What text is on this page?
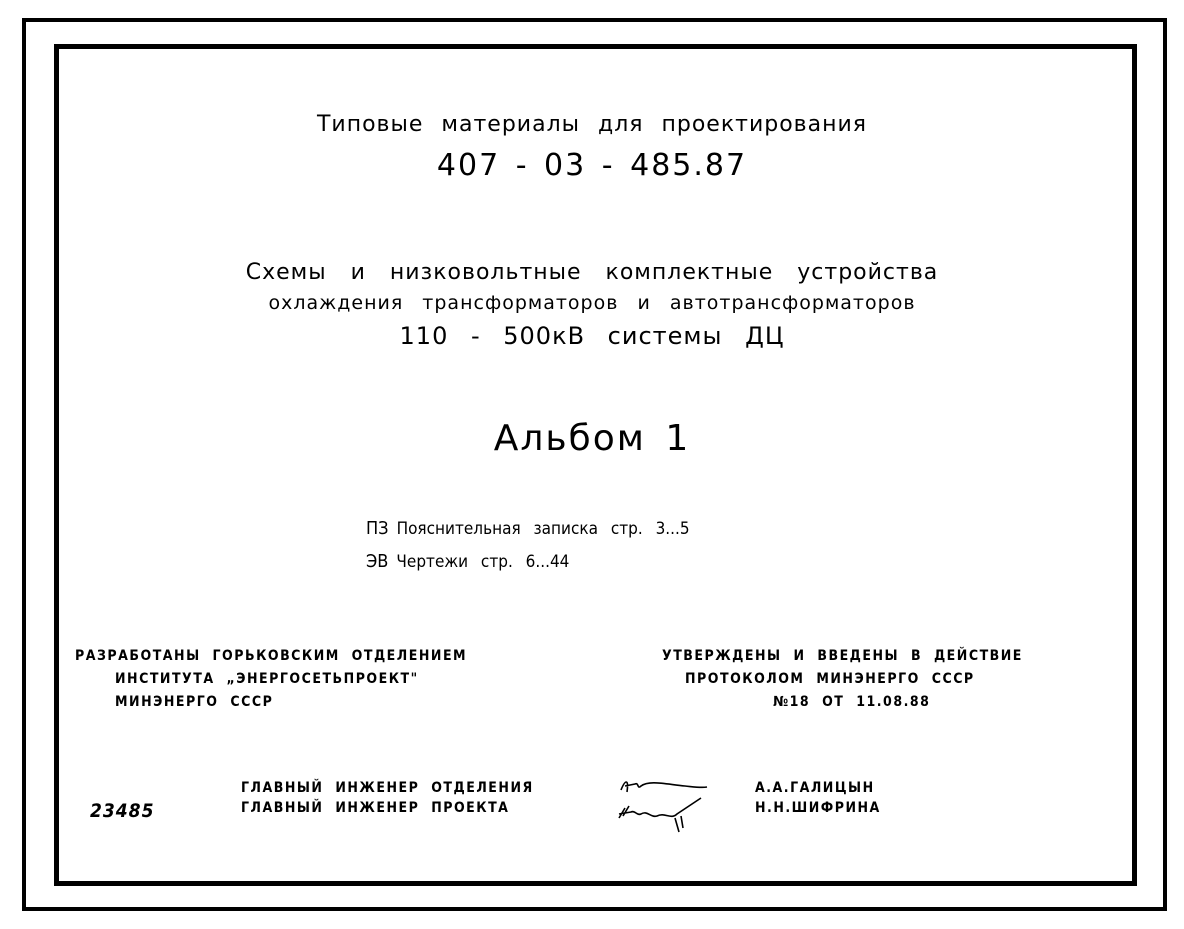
Типовые материалы для проектирования
407 - 03 - 485.87
Схемы и низковольтные комплектные устройства
охлаждения трансформаторов и автотрансформаторов
110 - 500кВ системы ДЦ
Альбом 1
ПЗ Пояснительная записка стр. 3...5
ЭВ Чертежи стр. 6...44
РАЗРАБОТАНЫ ГОРЬКОВСКИМ ОТДЕЛЕНИЕМ
ИНСТИТУТА „ЭНЕРГОСЕТЬПРОЕКТ"
МИНЭНЕРГО СССР
УТВЕРЖДЕНЫ И ВВЕДЕНЫ В ДЕЙСТВИЕ
ПРОТОКОЛОМ МИНЭНЕРГО СССР
№18 ОТ 11.08.88
ГЛАВНЫЙ ИНЖЕНЕР ОТДЕЛЕНИЯ
ГЛАВНЫЙ ИНЖЕНЕР ПРОЕКТА
А.А.ГАЛИЦЫН
Н.Н.ШИФРИНА
23485
